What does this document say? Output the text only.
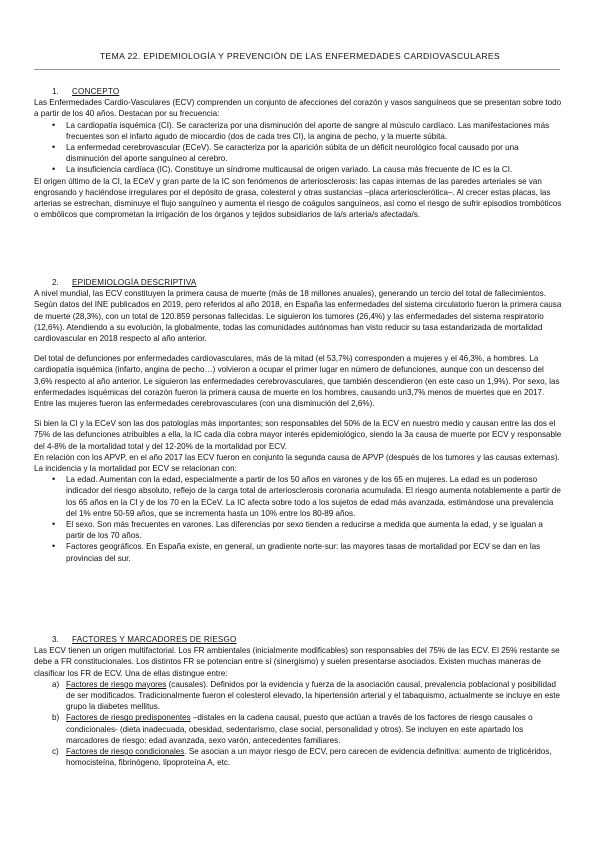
TEMA 22. EPIDEMIOLOGÍA Y PREVENCIÓN DE LAS ENFERMEDADES CARDIOVASCULARES

1. CONCEPTO

Las Enfermedades Cardio-Vasculares (ECV) comprenden un conjunto de afecciones del corazón y vasos sanguíneos que se presentan sobre todo a partir de los 40 años. Destacan por su frecuencia:

• La cardiopatía isquémica (CI). Se caracteriza por una disminución del aporte de sangre al músculo cardíaco. Las manifestaciones más frecuentes son el infarto agudo de miocardio (dos de cada tres CI), la angina de pecho, y la muerte súbita.
• La enfermedad cerebrovascular (ECeV). Se caracteriza por la aparición súbita de un déficit neurológico focal causado por una disminución del aporte sanguíneo al cerebro.
• La insuficiencia cardíaca (IC). Constituye un síndrome multicausal de origen variado. La causa más frecuente de IC es la CI.

El origen último de la CI, la ECeV y gran parte de la IC son fenómenos de arteriosclerosis: las capas internas de las paredes arteriales se van engrosando y haciéndose irregulares por el depósito de grasa, colesterol y otras sustancias –placa arteriosclerótica–. Al crecer estas placas, las arterias se estrechan, disminuye el flujo sanguíneo y aumenta el riesgo de coágulos sanguíneos, así como el riesgo de sufrir episodios trombóticos o embólicos que comprometan la irrigación de los órganos y tejidos subsidiarios de la/s arteria/s afectada/s.

2. EPIDEMIOLOGÍA DESCRIPTIVA

A nivel mundial, las ECV constituyen la primera causa de muerte (más de 18 millones anuales), generando un tercio del total de fallecimientos. Según datos del INE publicados en 2019, pero referidos al año 2018, en España las enfermedades del sistema circulatorio fueron la primera causa de muerte (28,3%), con un total de 120.859 personas fallecidas. Le siguieron los tumores (26,4%) y las enfermedades del sistema respiratorio (12,6%). Atendiendo a su evolución, la globalmente, todas las comunidades autónomas han visto reducir su tasa estandarizada de mortalidad cardiovascular en 2018 respecto al año anterior.

Del total de defunciones por enfermedades cardiovasculares, más de la mitad (el 53,7%) corresponden a mujeres y el 46,3%, a hombres. La cardiopatía isquémica (infarto, angina de pecho…) volvieron a ocupar el primer lugar en número de defunciones, aunque con un descenso del 3,6% respecto al año anterior. Le siguieron las enfermedades cerebrovasculares, que también descendieron (en este caso un 1,9%). Por sexo, las enfermedades isquémicas del corazón fueron la primera causa de muerte en los hombres, causando un3,7% menos de muertes que en 2017. Entre las mujeres fueron las enfermedades cerebrovasculares (con una disminución del 2,6%).

Si bien la CI y la ECeV son las dos patologías más importantes; son responsables del 50% de la ECV en nuestro medio y causan entre las dos el 75% de las defunciones atribuibles a ella, la IC cada día cobra mayor interés epidemiológico, siendo la 3a causa de muerte por ECV y responsable del 4-8% de la mortalidad total y del 12-20% de la mortalidad por ECV.

En relación con los APVP, en el año 2017 las ECV fueron en conjunto la segunda causa de APVP (después de los tumores y las causas externas).

La incidencia y la mortalidad por ECV se relacionan con:

• La edad. Aumentan con la edad, especialmente a partir de los 50 años en varones y de los 65 en mujeres. La edad es un poderoso indicador del riesgo absoluto, reflejo de la carga total de arteriosclerosis coronaria acumulada. El riesgo aumenta notablemente a partir de los 65 años en la CI y de los 70 en la ECeV. La IC afecta sobre todo a los sujetos de edad más avanzada, estimándose una prevalencia del 1% entre 50-59 años, que se incrementa hasta un 10% entre los 80-89 años.
• El sexo. Son más frecuentes en varones. Las diferencias por sexo tienden a reducirse a medida que aumenta la edad, y se igualan a partir de los 70 años.
• Factores geográficos. En España existe, en general, un gradiente norte-sur: las mayores tasas de mortalidad por ECV se dan en las provincias del sur.

3. FACTORES Y MARCADORES DE RIESGO

Las ECV tienen un origen multifactorial. Los FR ambientales (inicialmente modificables) son responsables del 75% de las ECV. El 25% restante se debe a FR constitucionales. Los distintos FR se potencian entre sí (sinergismo) y suelen presentarse asociados. Existen muchas maneras de clasificar los FR de ECV. Una de ellas distingue entre:

a) Factores de riesgo mayores (causales). Definidos por la evidencia y fuerza de la asociación causal, prevalencia poblacional y posibilidad de ser modificados. Tradicionalmente fueron el colesterol elevado, la hipertensión arterial y el tabaquismo, actualmente se incluye en este grupo la diabetes mellitus.
b) Factores de riesgo predisponentes –distales en la cadena causal, puesto que actúan a través de los factores de riesgo causales o condicionales- (dieta inadecuada, obesidad, sedentarismo, clase social, personalidad y otros). Se incluyen en este apartado los marcadores de riesgo: edad avanzada, sexo varón, antecedentes familiares.
c) Factores de riesgo condicionales. Se asocian a un mayor riesgo de ECV, pero carecen de evidencia definitiva: aumento de triglicéridos, homocisteína, fibrinógeno, lipoproteína A, etc.
